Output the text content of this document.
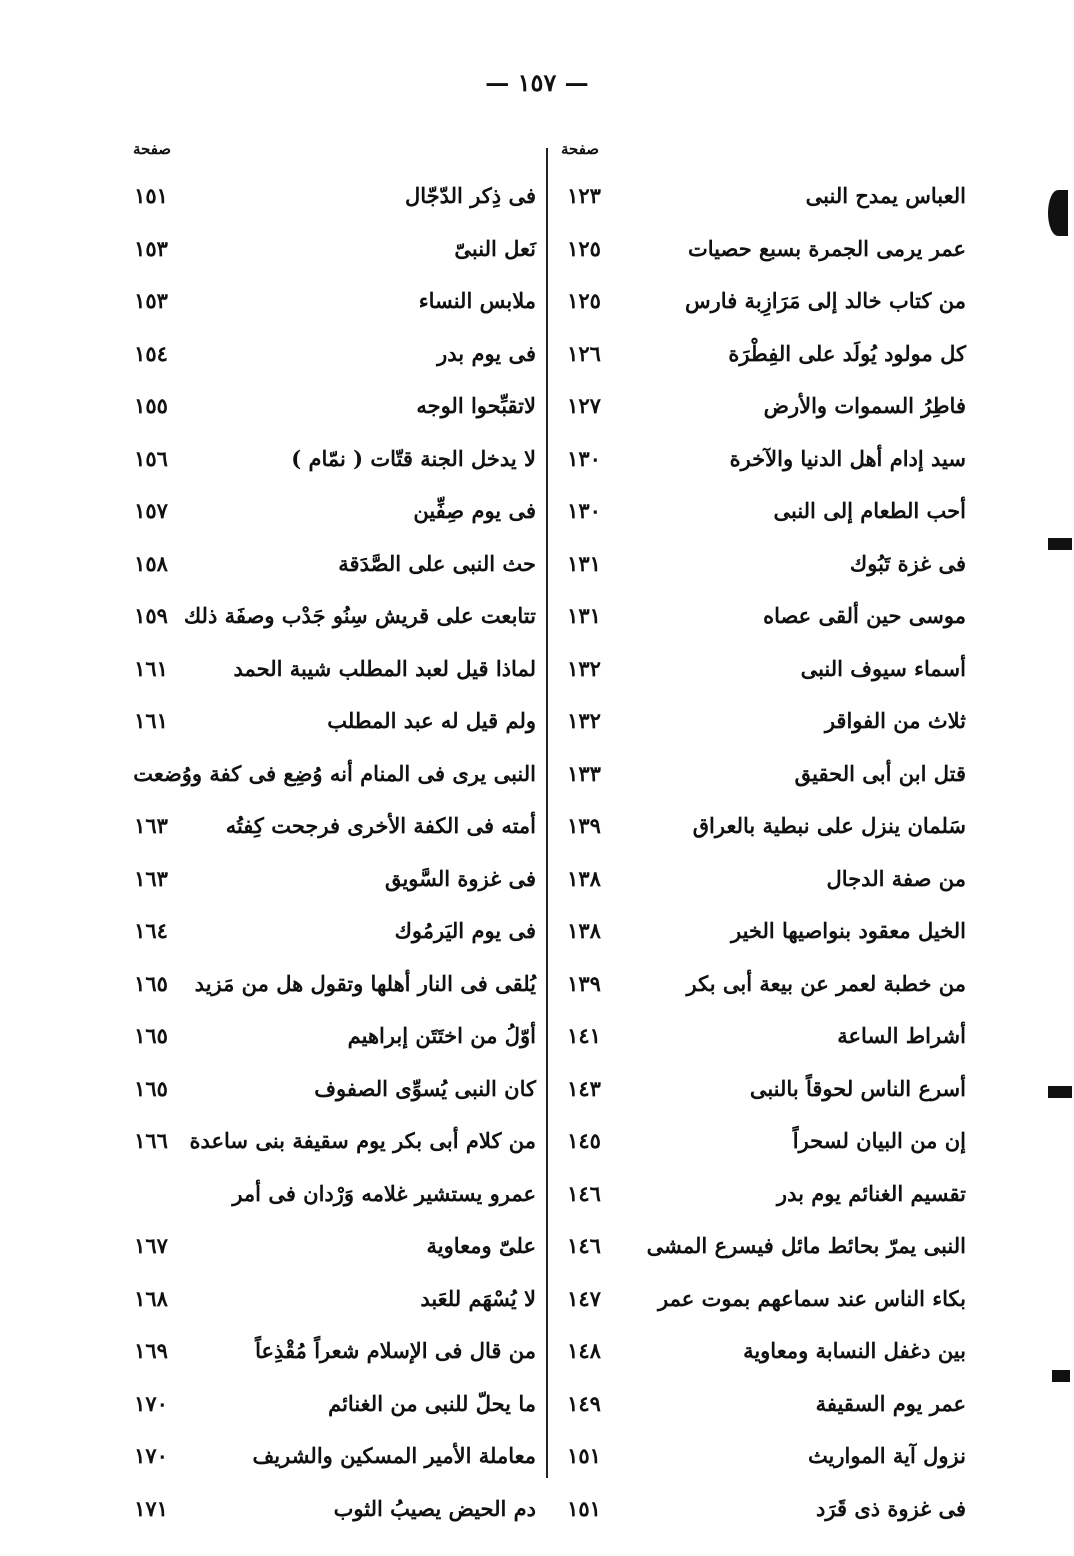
— ١٥٧ —
صفحة
صفحة
العباس يمدح النبى
١٢٣
فى ذِكر الدّجّال
١٥١
عمر يرمى الجمرة بسبع حصيات
١٢٥
نَعل النبىّ
١٥٣
من كتاب خالد إلى مَرَازِبة فارس
١٢٥
ملابس النساء
١٥٣
كل مولود يُولَد على الفِطْرَة
١٢٦
فى يوم بدر
١٥٤
فاطِرُ السموات والأرض
١٢٧
لاتقبِّحوا الوجه
١٥٥
سيد إدام أهل الدنيا والآخرة
١٣٠
لا يدخل الجنة قتّات ( نمّام )
١٥٦
أحب الطعام إلى النبى
١٣٠
فى يوم صِفِّين
١٥٧
فى غزة تَبُوك
١٣١
حث النبى على الصَّدَقة
١٥٨
موسى حين ألقى عصاه
١٣١
تتابعت على قريش سِنُو جَدْب وصفَة ذلك
١٥٩
أسماء سيوف النبى
١٣٢
لماذا قيل لعبد المطلب شيبة الحمد
١٦١
ثلاث من الفواقر
١٣٢
ولم قيل له عبد المطلب
١٦١
قتل ابن أبى الحقيق
١٣٣
النبى يرى فى المنام أنه وُضِع فى كفة ووُضعت
سَلمان ينزل على نبطية بالعراق
١٣٩
أمته فى الكفة الأخرى فرجحت كِفتُه
١٦٣
من صفة الدجال
١٣٨
فى غزوة السَّويق
١٦٣
الخيل معقود بنواصيها الخير
١٣٨
فى يوم اليَرمُوك
١٦٤
من خطبة لعمر عن بيعة أبى بكر
١٣٩
يُلقى فى النار أهلها وتقول هل من مَزيد
١٦٥
أشراط الساعة
١٤١
أوّلُ من اختَتَن إبراهيم
١٦٥
أسرع الناس لحوقاً بالنبى
١٤٣
كان النبى يُسوِّى الصفوف
١٦٥
إن من البيان لسحراً
١٤٥
من كلام أبى بكر يوم سقيفة بنى ساعدة
١٦٦
تقسيم الغنائم يوم بدر
١٤٦
عمرو يستشير غلامه وَرْدان فى أمر
النبى يمرّ بحائط مائل فيسرع المشى
١٤٦
علىّ ومعاوية
١٦٧
بكاء الناس عند سماعهم بموت عمر
١٤٧
لا يُسْهَم للعَبد
١٦٨
بين دغفل النسابة ومعاوية
١٤٨
من قال فى الإسلام شعراً مُقْذِعاً
١٦٩
عمر يوم السقيفة
١٤٩
ما يحلّ للنبى من الغنائم
١٧٠
نزول آية المواريث
١٥١
معاملة الأمير المسكين والشريف
١٧٠
فى غزوة ذى قَرَد
١٥١
دم الحيض يصيبُ الثوب
١٧١
